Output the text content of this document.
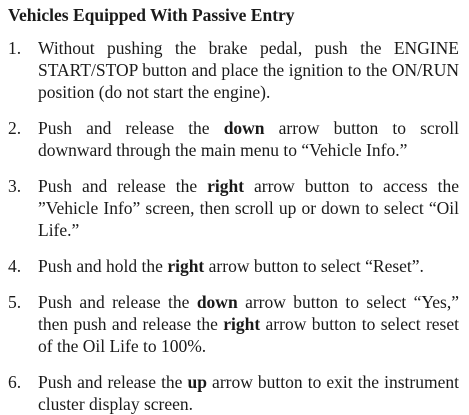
Vehicles Equipped With Passive Entry
1. Without pushing the brake pedal, push the ENGINE START/STOP button and place the ignition to the ON/RUN position (do not start the engine).
2. Push and release the down arrow button to scroll downward through the main menu to “Vehicle Info.”
3. Push and release the right arrow button to access the ”Vehicle Info” screen, then scroll up or down to select “Oil Life.”
4. Push and hold the right arrow button to select “Reset”.
5. Push and release the down arrow button to select “Yes,” then push and release the right arrow button to select reset of the Oil Life to 100%.
6. Push and release the up arrow button to exit the instrument cluster display screen.
